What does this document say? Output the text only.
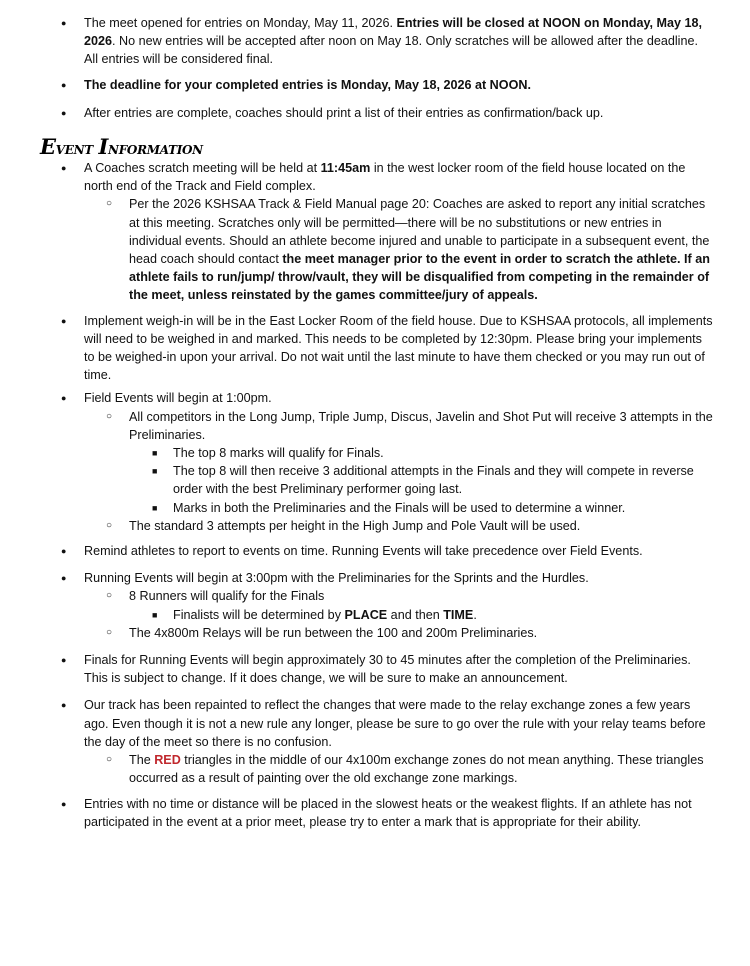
● The meet opened for entries on Monday, May 11, 2026. Entries will be closed at NOON on Monday, May 18, 2026. No new entries will be accepted after noon on May 18. Only scratches will be allowed after the deadline. All entries will be considered final.
● The deadline for your completed entries is Monday, May 18, 2026 at NOON.
● After entries are complete, coaches should print a list of their entries as confirmation/back up.
Event Information
● A Coaches scratch meeting will be held at 11:45am in the west locker room of the field house located on the north end of the Track and Field complex.
○ Per the 2026 KSHSAA Track & Field Manual page 20: Coaches are asked to report any initial scratches at this meeting. Scratches only will be permitted—there will be no substitutions or new entries in individual events. Should an athlete become injured and unable to participate in a subsequent event, the head coach should contact the meet manager prior to the event in order to scratch the athlete. If an athlete fails to run/jump/ throw/vault, they will be disqualified from competing in the remainder of the meet, unless reinstated by the games committee/jury of appeals.
● Implement weigh-in will be in the East Locker Room of the field house. Due to KSHSAA protocols, all implements will need to be weighed in and marked. This needs to be completed by 12:30pm. Please bring your implements to be weighed-in upon your arrival. Do not wait until the last minute to have them checked or you may run out of time.
● Field Events will begin at 1:00pm.
○ All competitors in the Long Jump, Triple Jump, Discus, Javelin and Shot Put will receive 3 attempts in the Preliminaries.
■ The top 8 marks will qualify for Finals.
■ The top 8 will then receive 3 additional attempts in the Finals and they will compete in reverse order with the best Preliminary performer going last.
■ Marks in both the Preliminaries and the Finals will be used to determine a winner.
○ The standard 3 attempts per height in the High Jump and Pole Vault will be used.
● Remind athletes to report to events on time. Running Events will take precedence over Field Events.
● Running Events will begin at 3:00pm with the Preliminaries for the Sprints and the Hurdles.
○ 8 Runners will qualify for the Finals
■ Finalists will be determined by PLACE and then TIME.
○ The 4x800m Relays will be run between the 100 and 200m Preliminaries.
● Finals for Running Events will begin approximately 30 to 45 minutes after the completion of the Preliminaries. This is subject to change. If it does change, we will be sure to make an announcement.
● Our track has been repainted to reflect the changes that were made to the relay exchange zones a few years ago. Even though it is not a new rule any longer, please be sure to go over the rule with your relay teams before the day of the meet so there is no confusion.
○ The RED triangles in the middle of our 4x100m exchange zones do not mean anything. These triangles occurred as a result of painting over the old exchange zone markings.
● Entries with no time or distance will be placed in the slowest heats or the weakest flights. If an athlete has not participated in the event at a prior meet, please try to enter a mark that is appropriate for their ability.
